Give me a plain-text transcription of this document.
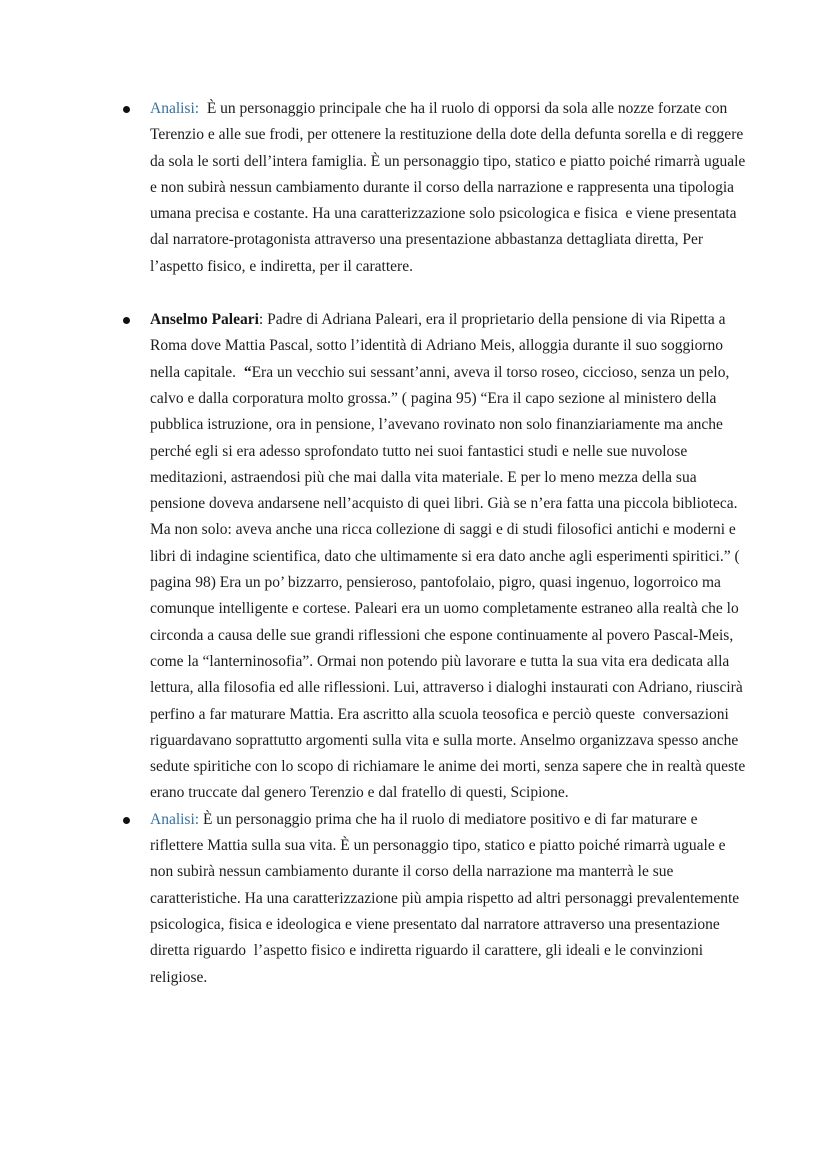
Analisi:  È un personaggio principale che ha il ruolo di opporsi da sola alle nozze forzate con Terenzio e alle sue frodi, per ottenere la restituzione della dote della defunta sorella e di reggere da sola le sorti dell’intera famiglia. È un personaggio tipo, statico e piatto poiché rimarrà uguale e non subirà nessun cambiamento durante il corso della narrazione e rappresenta una tipologia umana precisa e costante. Ha una caratterizzazione solo psicologica e fisica  e viene presentata dal narratore-protagonista attraverso una presentazione abbastanza dettagliata diretta, Per l’aspetto fisico, e indiretta, per il carattere.
Anselmo Paleari: Padre di Adriana Paleari, era il proprietario della pensione di via Ripetta a Roma dove Mattia Pascal, sotto l’identità di Adriano Meis, alloggia durante il suo soggiorno nella capitale.  “Era un vecchio sui sessant’anni, aveva il torso roseo, ciccioso, senza un pelo, calvo e dalla corporatura molto grossa.” ( pagina 95) “Era il capo sezione al ministero della pubblica istruzione, ora in pensione, l’avevano rovinato non solo finanziariamente ma anche perché egli si era adesso sprofondato tutto nei suoi fantastici studi e nelle sue nuvolose meditazioni, astraendosi più che mai dalla vita materiale. E per lo meno mezza della sua pensione doveva andarsene nell’acquisto di quei libri. Già se n’era fatta una piccola biblioteca. Ma non solo: aveva anche una ricca collezione di saggi e di studi filosofici antichi e moderni e libri di indagine scientifica, dato che ultimamente si era dato anche agli esperimenti spiritici.” ( pagina 98) Era un po’ bizzarro, pensieroso, pantofolaio, pigro, quasi ingenuo, logorroico ma comunque intelligente e cortese. Paleari era un uomo completamente estraneo alla realtà che lo circonda a causa delle sue grandi riflessioni che espone continuamente al povero Pascal-Meis, come la “lanterninosofia”. Ormai non potendo più lavorare e tutta la sua vita era dedicata alla lettura, alla filosofia ed alle riflessioni. Lui, attraverso i dialoghi instaurati con Adriano, riuscirà perfino a far maturare Mattia. Era ascritto alla scuola teosofica e perciò queste  conversazioni riguardavano soprattutto argomenti sulla vita e sulla morte. Anselmo organizzava spesso anche  sedute spiritiche con lo scopo di richiamare le anime dei morti, senza sapere che in realtà queste erano truccate dal genero Terenzio e dal fratello di questi, Scipione.
Analisi: È un personaggio prima che ha il ruolo di mediatore positivo e di far maturare e riflettere Mattia sulla sua vita. È un personaggio tipo, statico e piatto poiché rimarrà uguale e non subirà nessun cambiamento durante il corso della narrazione ma manterrà le sue caratteristiche. Ha una caratterizzazione più ampia rispetto ad altri personaggi prevalentemente psicologica, fisica e ideologica e viene presentato dal narratore attraverso una presentazione diretta riguardo  l’aspetto fisico e indiretta riguardo il carattere, gli ideali e le convinzioni religiose.
